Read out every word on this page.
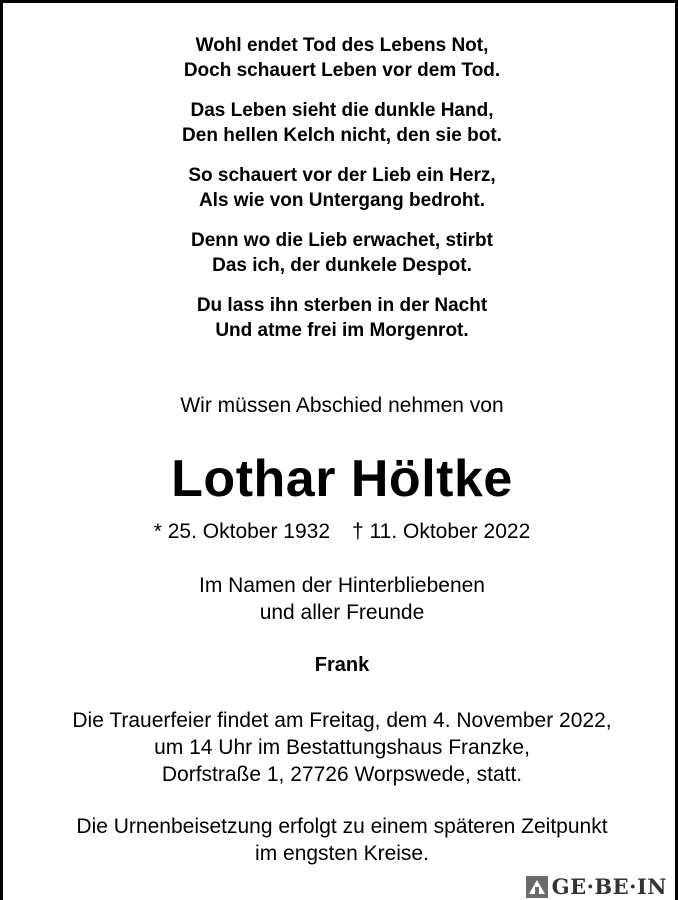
Wohl endet Tod des Lebens Not,
Doch schauert Leben vor dem Tod.
Das Leben sieht die dunkle Hand,
Den hellen Kelch nicht, den sie bot.
So schauert vor der Lieb ein Herz,
Als wie von Untergang bedroht.
Denn wo die Lieb erwachet, stirbt
Das ich, der dunkele Despot.
Du lass ihn sterben in der Nacht
Und atme frei im Morgenrot.
Wir müssen Abschied nehmen von
Lothar Höltke
* 25. Oktober 1932 † 11. Oktober 2022
Im Namen der Hinterbliebenen
und aller Freunde
Frank
Die Trauerfeier findet am Freitag, dem 4. November 2022,
um 14 Uhr im Bestattungshaus Franzke,
Dorfstraße 1, 27726 Worpswede, statt.
Die Urnenbeisetzung erfolgt zu einem späteren Zeitpunkt
im engsten Kreise.
GE·BE·IN
